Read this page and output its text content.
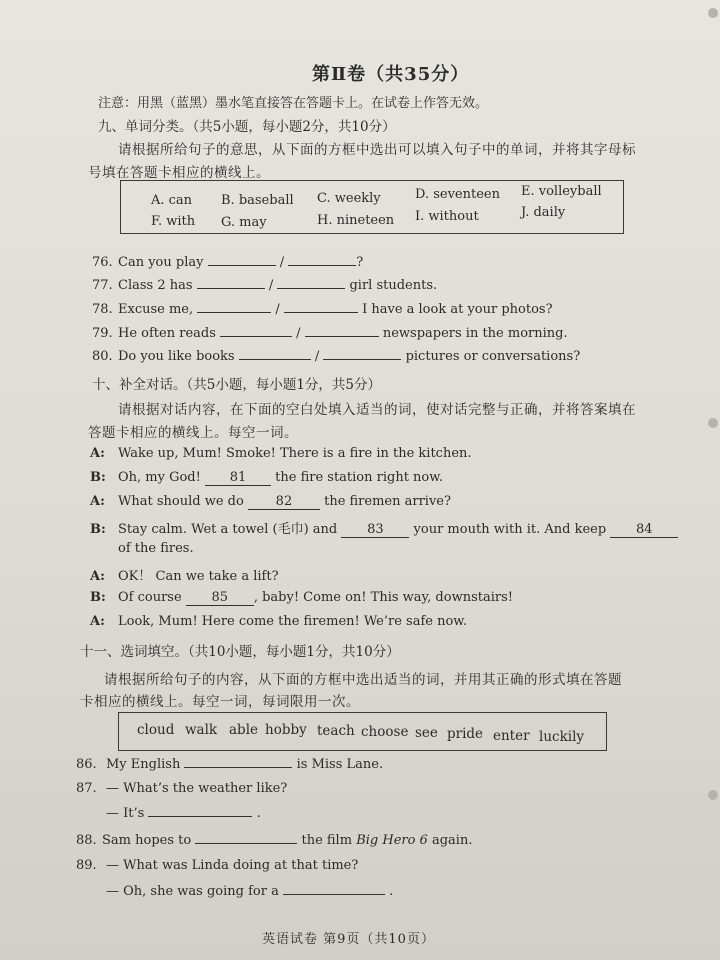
第Ⅱ卷（共35分）
注意：用黑（蓝黑）墨水笔直接答在答题卡上。在试卷上作答无效。
九、单词分类。（共5小题，每小题2分，共10分）
请根据所给句子的意思，从下面的方框中选出可以填入句子中的单词，并将其字母标
号填在答题卡相应的横线上。
A. can B. baseball C. weekly	D. seventeen E. volleyball
F. with G. may	H. nineteen I. without	J. daily
76. Can you play	/	?
77. Class 2 has	/	girl students.
78. Excuse me,	/	I have a look at your photos?
79. He often reads	/	newspapers in the morning.
80. Do you like books	/	pictures or conversations?
十、补全对话。（共5小题，每小题1分，共5分）
请根据对话内容，在下面的空白处填入适当的词，使对话完整与正确，并将答案填在
答题卡相应的横线上。每空一词。
A: Wake up, Mum! Smoke! There is a fire in the kitchen.
B: Oh, my God! 81 the fire station right now.
A: What should we do 82 the firemen arrive?
B: Stay calm. Wet a towel (毛巾) and 83 your mouth with it. And keep 84
of the fires.
A: OK！ Can we take a lift?
B: Of course 85 , baby! Come on! This way, downstairs!
A: Look, Mum! Here come the firemen! We’re safe now.
十一、选词填空。（共10小题，每小题1分，共10分）
请根据所给句子的内容，从下面的方框中选出适当的词，并用其正确的形式填在答题
卡相应的横线上。每空一词，每词限用一次。
cloud walk able hobby teach choose see pride enter luckily
86. My English	is Miss Lane.
87. — What’s the weather like?
— It’s	.
88. Sam hopes to	the film Big Hero 6 again.
89. — What was Linda doing at that time?
— Oh, she was going for a	.
英语试卷 第9页（共10页）
